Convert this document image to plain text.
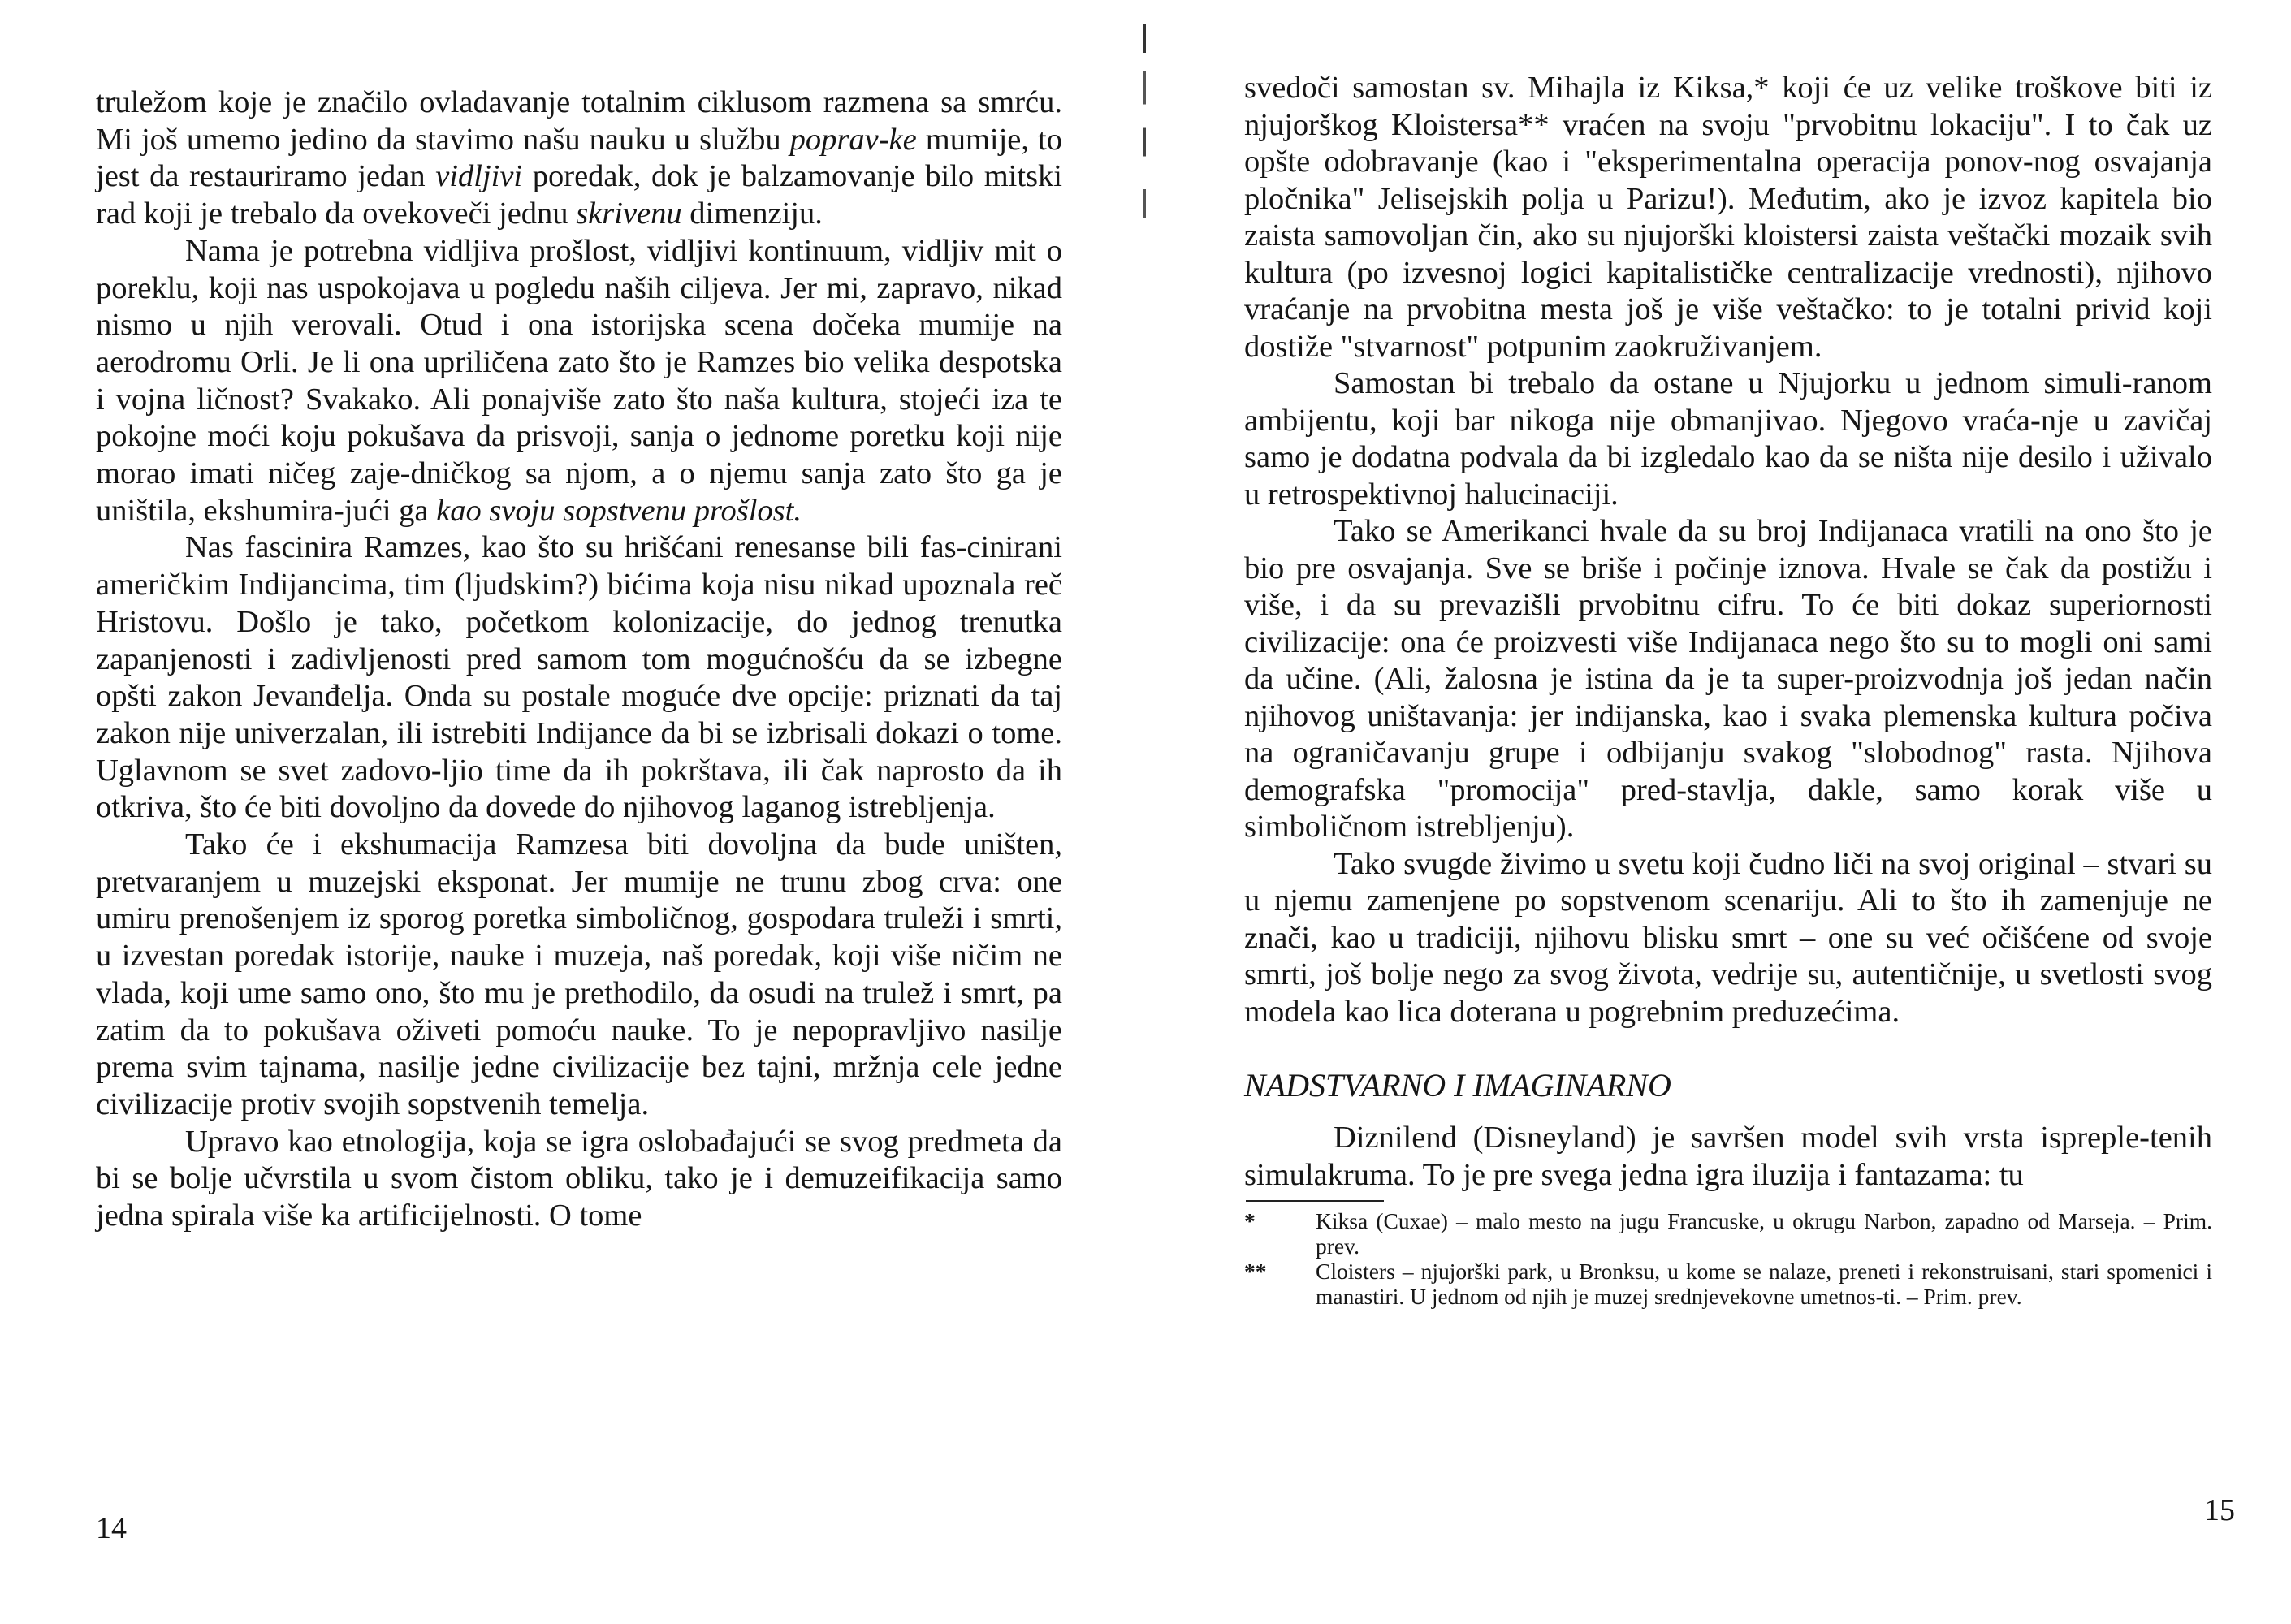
truležom koje je značilo ovladavanje totalnim ciklusom razmena sa smrću. Mi još umemo jedino da stavimo našu nauku u službu poprav-ke mumije, to jest da restauriramo jedan vidljivi poredak, dok je balzamovanje bilo mitski rad koji je trebalo da ovekoveči jednu skrivenu dimenziju.

Nama je potrebna vidljiva prošlost, vidljivi kontinuum, vidljiv mit o poreklu, koji nas uspokojava u pogledu naših ciljeva. Jer mi, zapravo, nikad nismo u njih verovali. Otud i ona istorijska scena dočeka mumije na aerodromu Orli. Je li ona upriličena zato što je Ramzes bio velika despotska i vojna ličnost? Svakako. Ali ponajviše zato što naša kultura, stojeći iza te pokojne moći koju pokušava da prisvoji, sanja o jednome poretku koji nije morao imati ničeg zaje-dničkog sa njom, a o njemu sanja zato što ga je uništila, ekshumira-jući ga kao svoju sopstvenu prošlost.

Nas fascinira Ramzes, kao što su hrišćani renesanse bili fas-cinirani američkim Indijancima, tim (ljudskim?) bićima koja nisu nikad upoznala reč Hristovu. Došlo je tako, početkom kolonizacije, do jednog trenutka zapanjenosti i zadivljenosti pred samom tom mogućnošću da se izbegne opšti zakon Jevanđelja. Onda su postale moguće dve opcije: priznati da taj zakon nije univerzalan, ili istrebiti Indijance da bi se izbrisali dokazi o tome. Uglavnom se svet zadovo-ljio time da ih pokrštava, ili čak naprosto da ih otkriva, što će biti dovoljno da dovede do njihovog laganog istrebljenja.

Tako će i ekshumacija Ramzesa biti dovoljna da bude uništen, pretvaranjem u muzejski eksponat. Jer mumije ne trunu zbog crva: one umiru prenošenjem iz sporog poretka simboličnog, gospodara truleži i smrti, u izvestan poredak istorije, nauke i muzeja, naš poredak, koji više ničim ne vlada, koji ume samo ono, što mu je prethodilo, da osudi na trulež i smrt, pa zatim da to pokušava oživeti pomoću nauke. To je nepopravljivo nasilje prema svim tajnama, nasilje jedne civilizacije bez tajni, mržnja cele jedne civilizacije protiv svojih sopstvenih temelja.

Upravo kao etnologija, koja se igra oslobađajući se svog predmeta da bi se bolje učvrstila u svom čistom obliku, tako je i demuzeifikacija samo jedna spirala više ka artificijelnosti. O tome

14

svedoči samostan sv. Mihajla iz Kiksa,* koji će uz velike troškove biti iz njujorškog Kloistersa** vraćen na svoju "prvobitnu lokaciju". I to čak uz opšte odobravanje (kao i "eksperimentalna operacija ponov-nog osvajanja pločnika" Jelisejskih polja u Parizu!). Međutim, ako je izvoz kapitela bio zaista samovoljan čin, ako su njujorški kloistersi zaista veštački mozaik svih kultura (po izvesnoj logici kapitalističke centralizacije vrednosti), njihovo vraćanje na prvobitna mesta još je više veštačko: to je totalni privid koji dostiže "stvarnost" potpunim zaokruživanjem.

Samostan bi trebalo da ostane u Njujorku u jednom simuli-ranom ambijentu, koji bar nikoga nije obmanjivao. Njegovo vraća-nje u zavičaj samo je dodatna podvala da bi izgledalo kao da se ništa nije desilo i uživalo u retrospektivnoj halucinaciji.

Tako se Amerikanci hvale da su broj Indijanaca vratili na ono što je bio pre osvajanja. Sve se briše i počinje iznova. Hvale se čak da postižu i više, i da su prevazišli prvobitnu cifru. To će biti dokaz superiornosti civilizacije: ona će proizvesti više Indijanaca nego što su to mogli oni sami da učine. (Ali, žalosna je istina da je ta super-proizvodnja još jedan način njihovog uništavanja: jer indijanska, kao i svaka plemenska kultura počiva na ograničavanju grupe i odbijanju svakog "slobodnog" rasta. Njihova demografska "promocija" pred-stavlja, dakle, samo korak više u simboličnom istrebljenju).

Tako svugde živimo u svetu koji čudno liči na svoj original – stvari su u njemu zamenjene po sopstvenom scenariju. Ali to što ih zamenjuje ne znači, kao u tradiciji, njihovu blisku smrt – one su već očišćene od svoje smrti, još bolje nego za svog života, vedrije su, autentičnije, u svetlosti svog modela kao lica doterana u pogrebnim preduzećima.

NADSTVARNO I IMAGINARNO

Diznilend (Disneyland) je savršen model svih vrsta ispreple-tenih simulakruma. To je pre svega jedna igra iluzija i fantazama: tu

*	Kiksa (Cuxae) – malo mesto na jugu Francuske, u okrugu Narbon, zapadno od Marseja. – Prim. prev.
**	Cloisters – njujorški park, u Bronksu, u kome se nalaze, preneti i rekonstruisani, stari spomenici i manastiri. U jednom od njih je muzej srednjevekovne umetnos-ti. – Prim. prev.
15
